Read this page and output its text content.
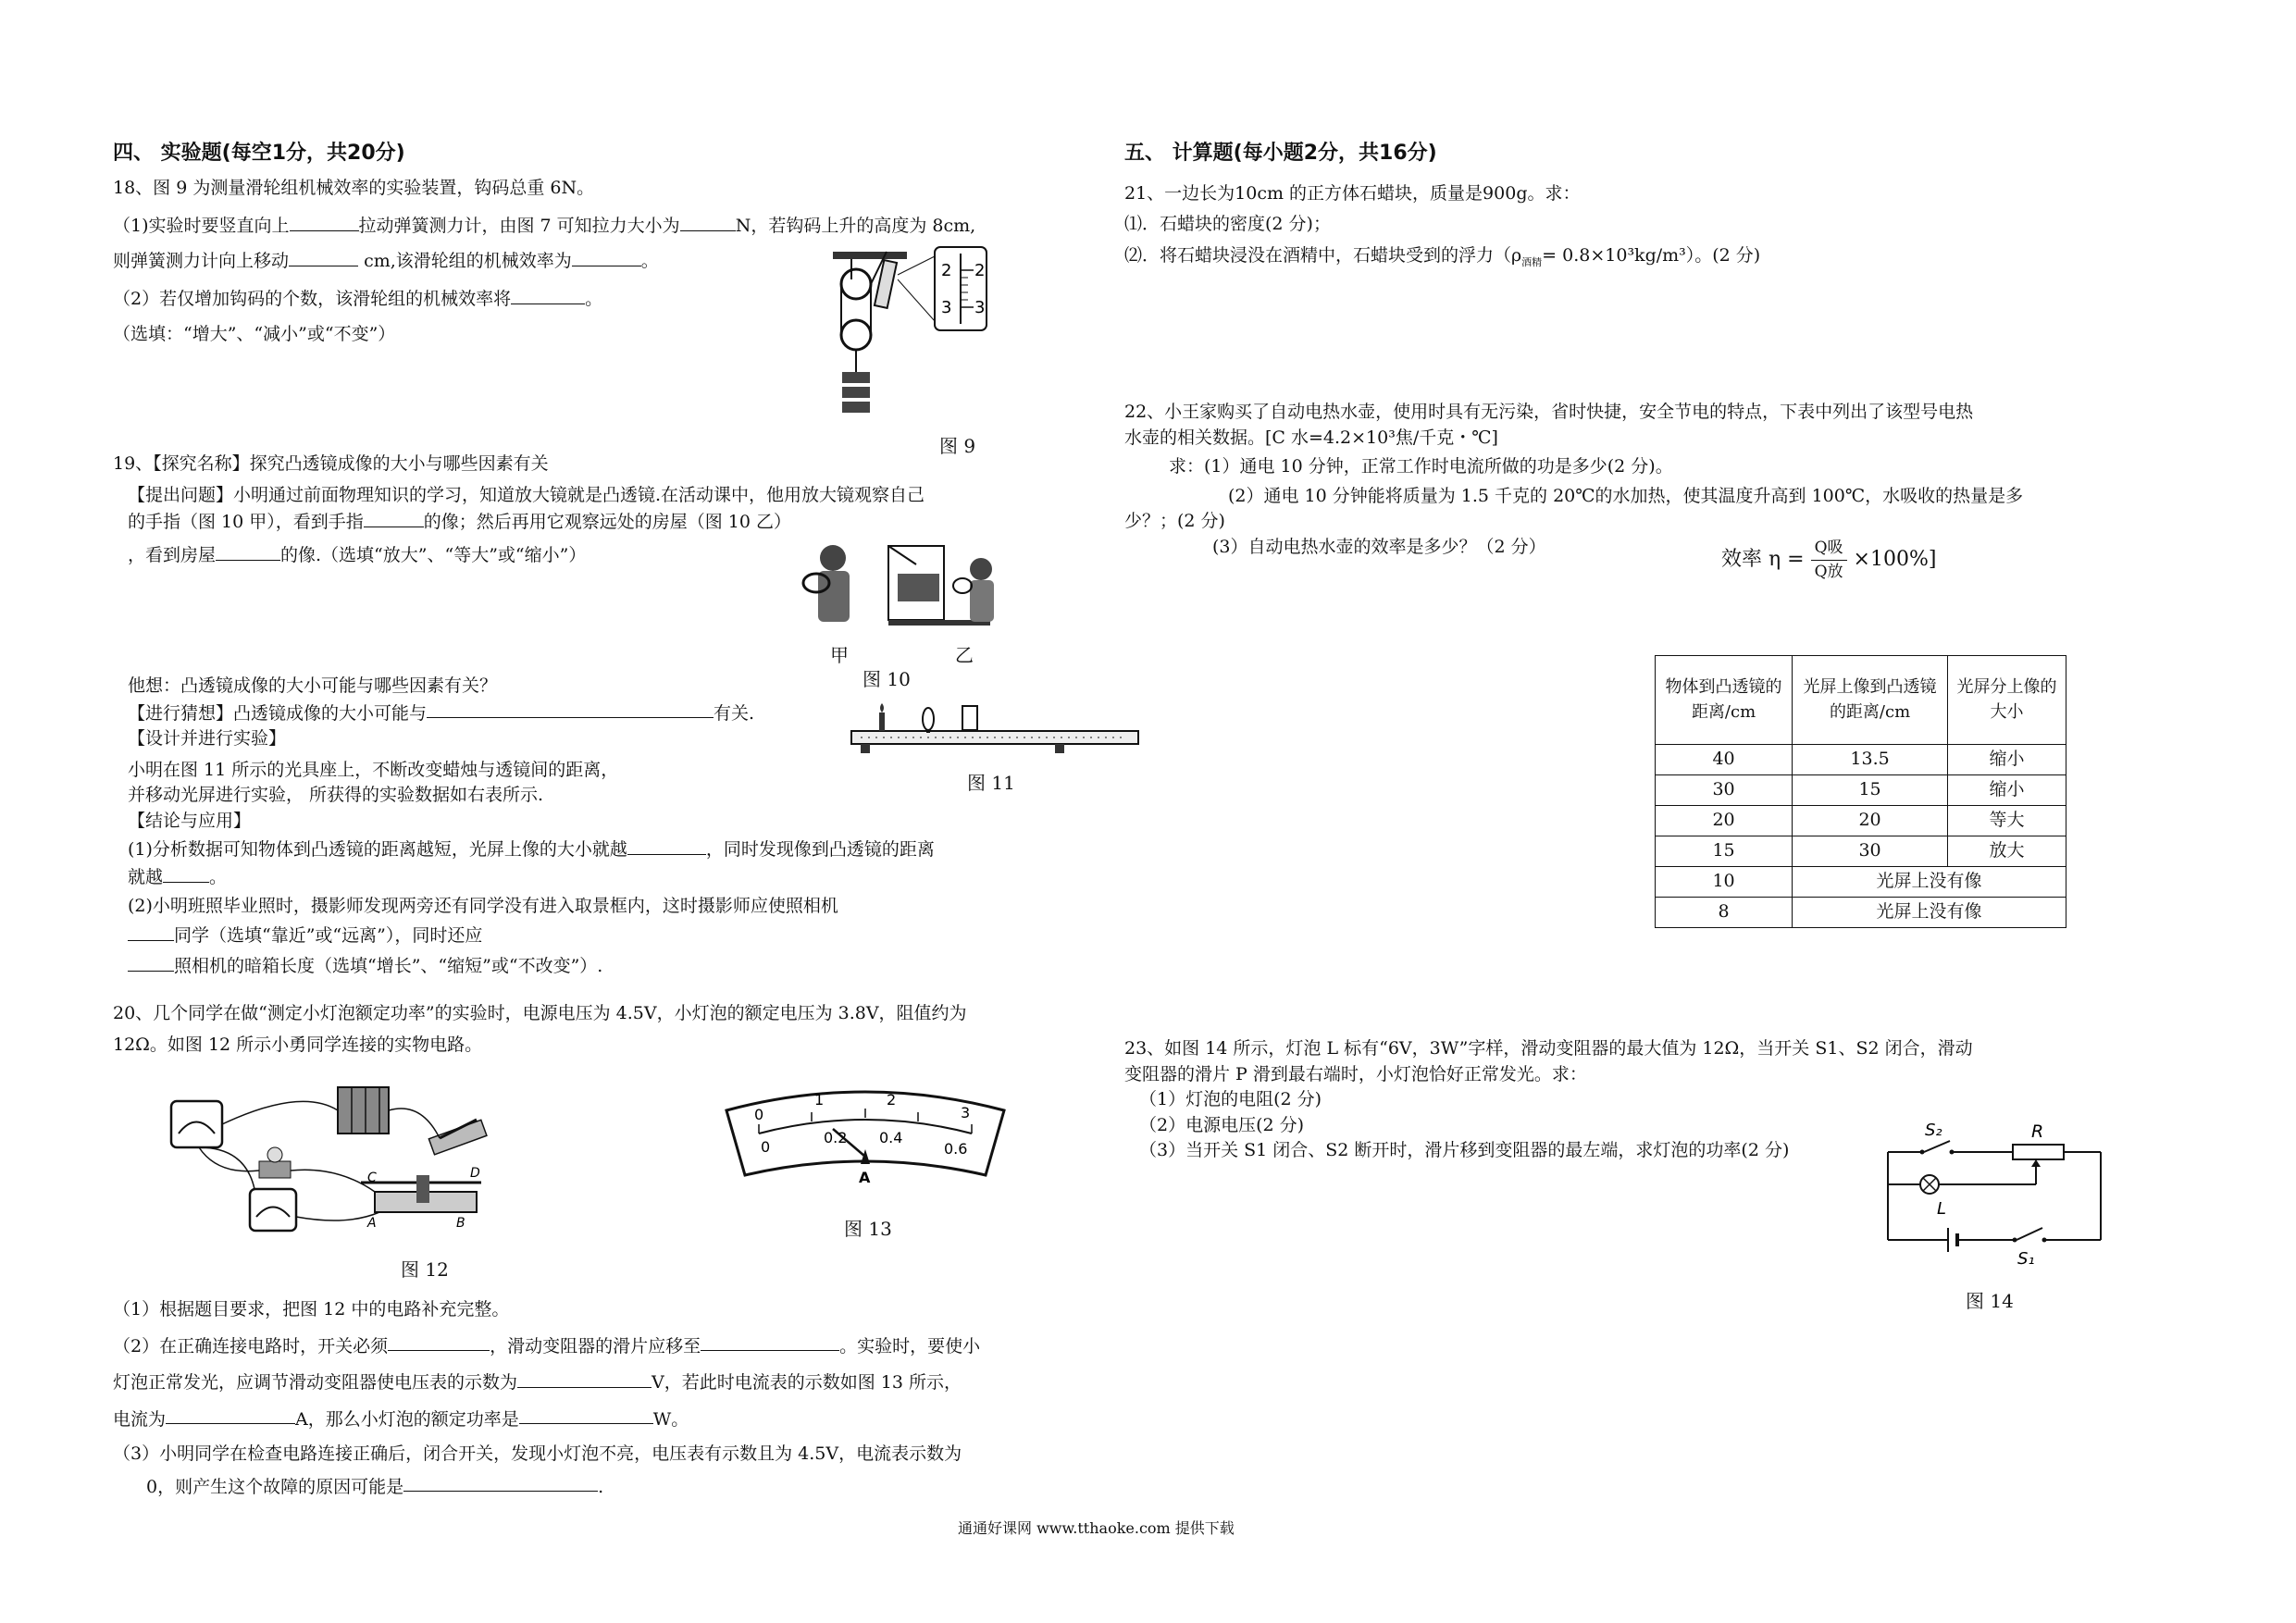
四、 实验题(每空1分，共20分)

18、图 9 为测量滑轮组机械效率的实验装置，钩码总重 6N。

（1)实验时要竖直向上	拉动弹簧测力计，由图 7 可知拉力大小为	N，若钩码上升的高度为 8cm,

则弹簧测力计向上移动	cm,该滑轮组的机械效率为	。

（2）若仅增加钩码的个数，该滑轮组的机械效率将	。

（选填：“增大”、“减小”或“不变”）

2
3
2
3
图 9

19、【探究名称】探究凸透镜成像的大小与哪些因素有关

【提出问题】小明通过前面物理知识的学习，知道放大镜就是凸透镜.在活动课中，他用放大镜观察自己

的手指（图 10 甲），看到手指	的像；然后再用它观察远处的房屋（图 10 乙）

，看到房屋	的像.（选填“放大”、“等大”或“缩小”）

甲	乙
图 10

他想：凸透镜成像的大小可能与哪些因素有关？

【进行猜想】凸透镜成像的大小可能与	有关.

【设计并进行实验】

小明在图 11 所示的光具座上，不断改变蜡烛与透镜间的距离，

并移动光屏进行实验， 所获得的实验数据如右表所示.

【结论与应用】

(1)分析数据可知物体到凸透镜的距离越短，光屏上像的大小就越	，同时发现像到凸透镜的距离

就越	。

(2)小明班照毕业照时，摄影师发现两旁还有同学没有进入取景框内，这时摄影师应使照相机

同学（选填“靠近”或“远离”），同时还应

照相机的暗箱长度（选填“增长”、“缩短”或“不改变”）.

图 11

20、几个同学在做“测定小灯泡额定功率”的实验时，电源电压为 4.5V，小灯泡的额定电压为 3.8V，阻值约为

12Ω。如图 12 所示小勇同学连接的实物电路。

C	D
A	B
图 12
0
1	2
3
0
0.2 0.4
0.6
A
图 13

（1）根据题目要求，把图 12 中的电路补充完整。

（2）在正确连接电路时，开关必须	，滑动变阻器的滑片应移至	。实验时，要使小

灯泡正常发光，应调节滑动变阻器使电压表的示数为	V，若此时电流表的示数如图 13 所示，

电流为	A，那么小灯泡的额定功率是	W。

（3）小明同学在检查电路连接正确后，闭合开关，发现小灯泡不亮，电压表有示数且为 4.5V，电流表示数为

0，则产生这个故障的原因可能是	.

五、 计算题(每小题2分，共16分)

21、一边长为10cm 的正方体石蜡块，质量是900g。求：

⑴．石蜡块的密度(2 分)；

⑵．将石蜡块浸没在酒精中，石蜡块受到的浮力$(\rho_{酒精}= 0.8\times 10^3kg/m^3)$。(2 分)

22、小王家购买了自动电热水壶，使用时具有无污染，省时快捷，安全节电的特点，下表中列出了该型号电热

水壶的相关数据。[C 水=4.2×10³焦/千克・℃]

求：(1）通电 10 分钟，正常工作时电流所做的功是多少(2 分)。

(2）通电 10 分钟能将质量为 1.5 千克的 20℃的水加热，使其温度升高到 100℃，水吸收的热量是多

少？；(2 分)

(3）自动电热水壶的效率是多少？（2 分）

效率 $\eta = \frac{\text{Q吸}}{\text{Q放}} \times 100\%$]
物体到凸透镜的距离/cm	光屏上像到凸透镜的距离/cm	光屏分上像的大小
40	13.5	缩小
30	15	缩小
20	20	等大
15	30	放大
10	光屏上没有像	
8	光屏上没有像	

23、如图 14 所示，灯泡 L 标有“6V，3W”字样，滑动变阻器的最大值为 12Ω，当开关 S1、S2 闭合，滑动

变阻器的滑片 P 滑到最右端时，小灯泡恰好正常发光。求：

（1）灯泡的电阻(2 分)

（2）电源电压(2 分)

（3）当开关 S1 闭合、S2 断开时，滑片移到变阻器的最左端，求灯泡的功率(2 分)

S₂	R
L
S₁
图 14
通通好课网 www.tthaoke.com 提供下载
